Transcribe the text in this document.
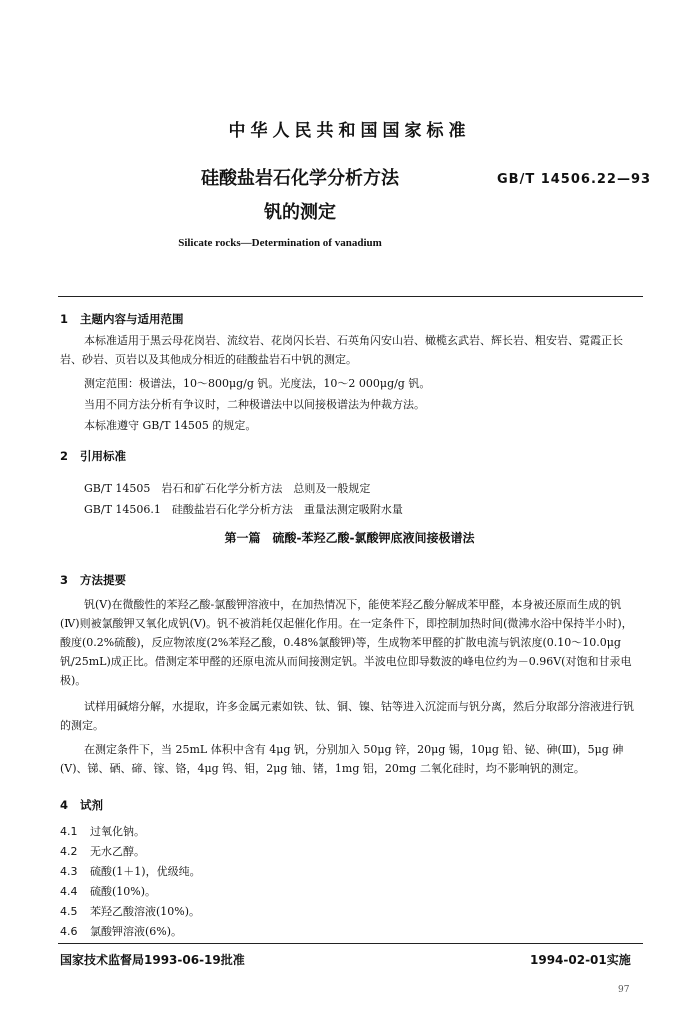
中华人民共和国国家标准
硅酸盐岩石化学分析方法	GB/T 14506.22—93
钒的测定
Silicate rocks—Determination of vanadium
1 主题内容与适用范围
本标准适用于黑云母花岗岩、流纹岩、花岗闪长岩、石英角闪安山岩、橄榄玄武岩、辉长岩、粗安岩、霓霞正长岩、砂岩、页岩以及其他成分相近的硅酸盐岩石中钒的测定。
测定范围：极谱法，10～800μg/g 钒。光度法，10～2 000μg/g 钒。
当用不同方法分析有争议时，二种极谱法中以间接极谱法为仲裁方法。
本标准遵守 GB/T 14505 的规定。
2 引用标准
GB/T 14505　岩石和矿石化学分析方法　总则及一般规定
GB/T 14506.1　硅酸盐岩石化学分析方法　重量法测定吸附水量
第一篇　硫酸-苯羟乙酸-氯酸钾底液间接极谱法
3 方法提要
钒(Ⅴ)在微酸性的苯羟乙酸-氯酸钾溶液中，在加热情况下，能使苯羟乙酸分解成苯甲醛，本身被还原而生成的钒(Ⅳ)则被氯酸钾又氧化成钒(Ⅴ)。钒不被消耗仅起催化作用。在一定条件下，即控制加热时间(微沸水浴中保持半小时)，酸度(0.2%硫酸)，反应物浓度(2%苯羟乙酸，0.48%氯酸钾)等，生成物苯甲醛的扩散电流与钒浓度(0.10～10.0μg 钒/25mL)成正比。借测定苯甲醛的还原电流从而间接测定钒。半波电位即导数波的峰电位约为－0.96V(对饱和甘汞电极)。
试样用碱熔分解，水提取，许多金属元素如铁、钛、铜、镍、钴等进入沉淀而与钒分离，然后分取部分溶液进行钒的测定。
在测定条件下，当 25mL 体积中含有 4μg 钒，分别加入 50μg 锌，20μg 锡，10μg 铅、铋、砷(Ⅲ)，5μg 砷(Ⅴ)、锑、硒、碲、镓、铬，4μg 钨、钼，2μg 铀、锗，1mg 铝，20mg 二氧化硅时，均不影响钒的测定。
4 试剂
4.1 过氧化钠。
4.2 无水乙醇。
4.3 硫酸(1＋1)，优级纯。
4.4 硫酸(10%)。
4.5 苯羟乙酸溶液(10%)。
4.6 氯酸钾溶液(6%)。
国家技术监督局1993-06-19批准	1994-02-01实施
97
